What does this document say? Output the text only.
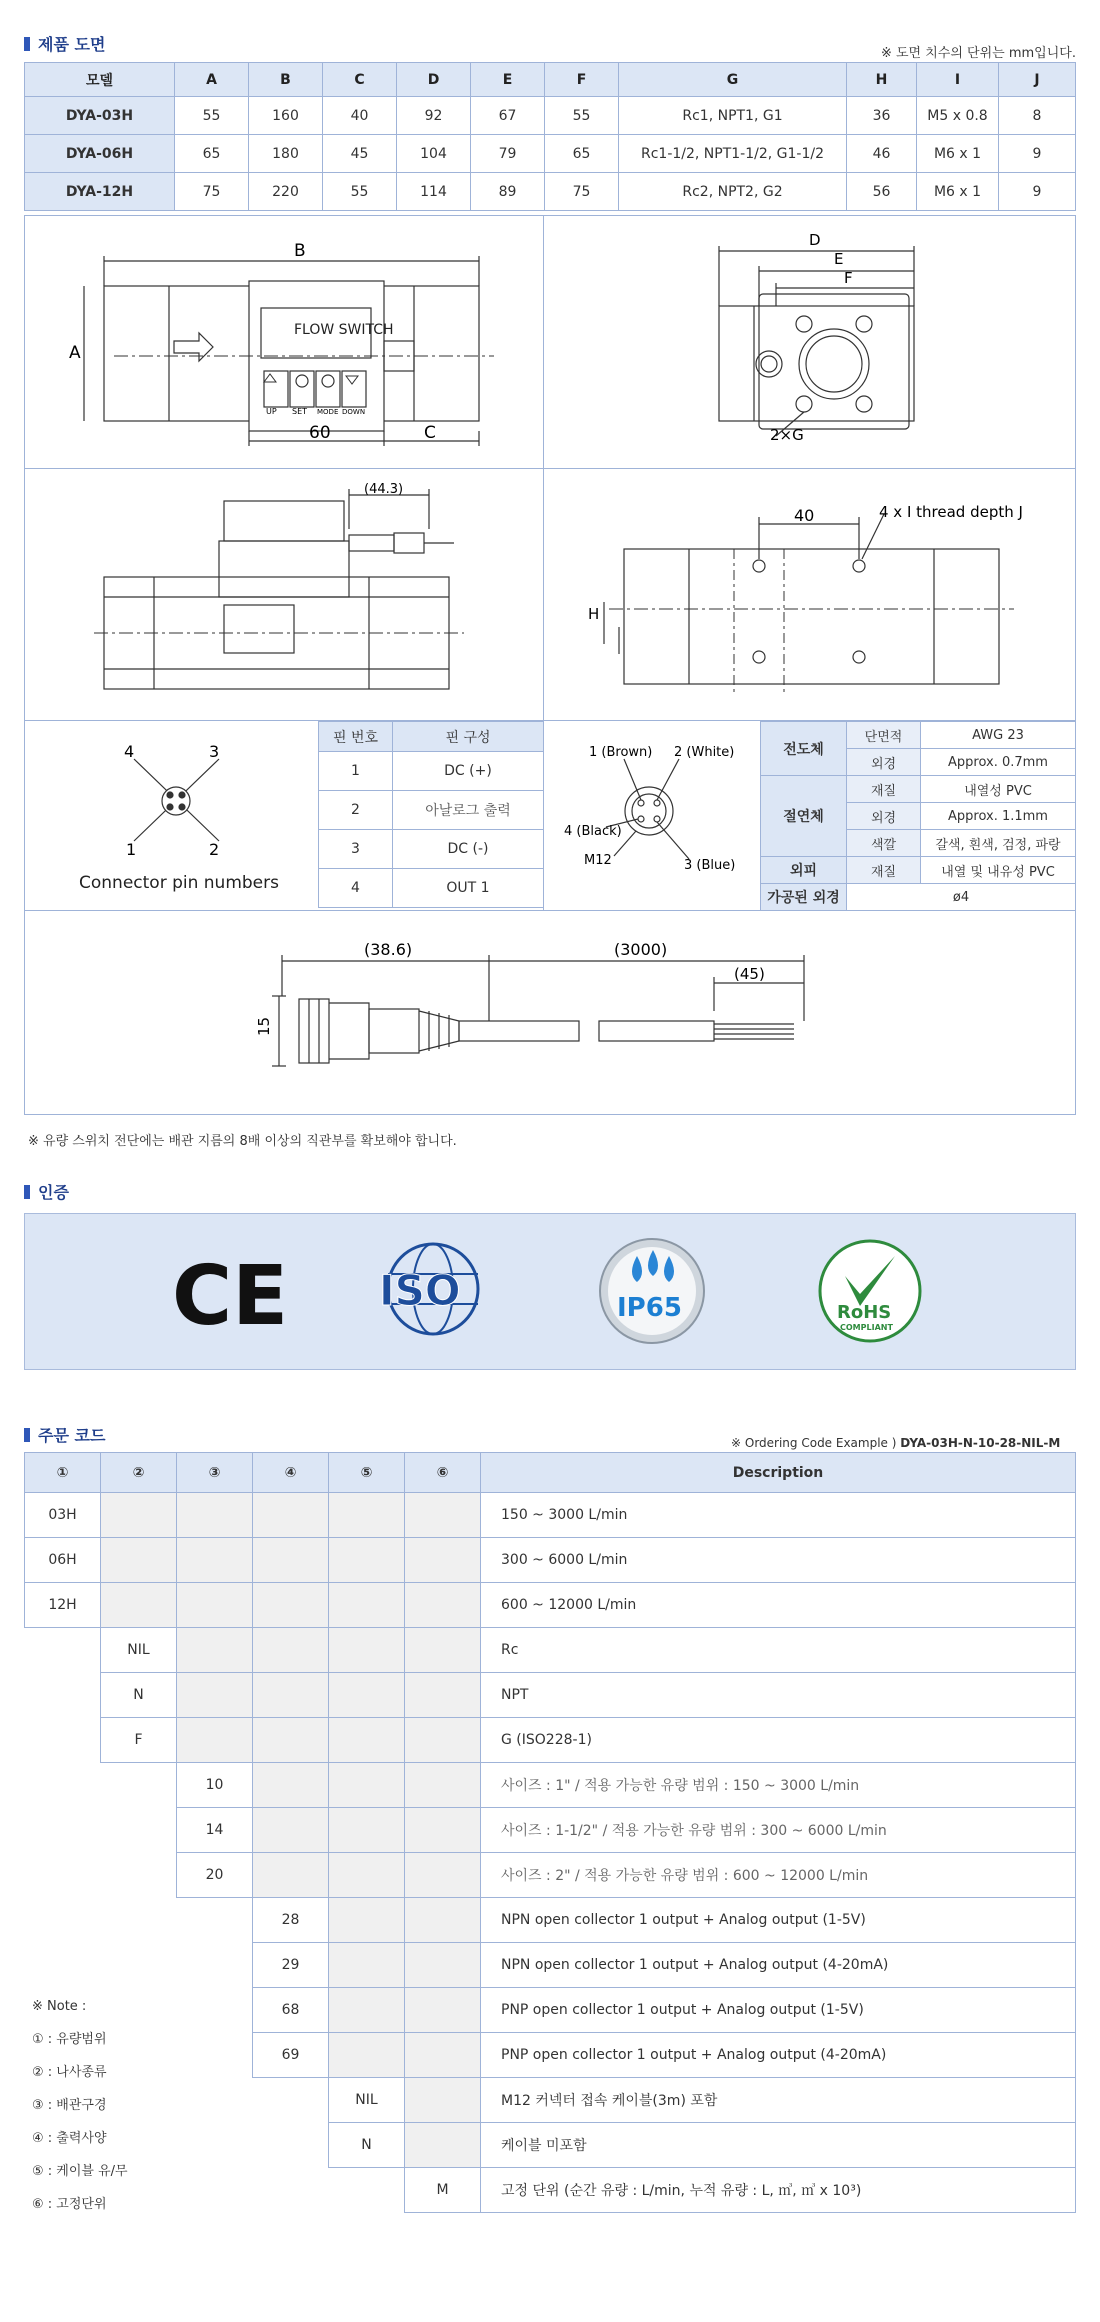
제품 도면	※ 도면 치수의 단위는 mm입니다.
모델	A	B	C	D	E	F	G	H	I	J
DYA-03H	55	160	40	92	67	55	Rc1, NPT1, G1	36	M5 x 0.8	8
DYA-06H	65	180	45	104	79	65	Rc1-1/2, NPT1-1/2, G1-1/2	46	M6 x 1	9
DYA-12H	75	220	55	114	89	75	Rc2, NPT2, G2	56	M6 x 1	9
FLOW SWITCH
UP SET MODE DOWN
B
A
60	C
D
E
F
2×G
(44.3)
40	4 x I thread depth J
H
4	3
1	2
Connector pin numbers
핀 번호	핀 구성
1	DC (+)
2	아날로그 출력
3	DC (-)
4	OUT 1
1 (Brown) 2 (White)
4 (Black)
M12	3 (Blue)
전도체	단면적	AWG 23
	외경	Approx. 0.7mm
절연체	재질	내열성 PVC
	외경	Approx. 1.1mm
	색깔	갈색, 흰색, 검정, 파랑
외피	재질	내열 및 내유성 PVC
가공된 외경	ø4	
(38.6)	(3000)
(45)
15
※ 유량 스위치 전단에는 배관 지름의 8배 이상의 직관부를 확보해야 합니다.
인증
CE ISO	IP65	RoHS
COMPLIANT
주문 코드	※ Ordering Code Example ) DYA-03H-N-10-28-NIL-M
①	②	③	④	⑤	⑥	Description
03H						150 ~ 3000 L/min
06H						300 ~ 6000 L/min
12H						600 ~ 12000 L/min
	NIL					Rc
	N					NPT
	F					G (ISO228-1)
		10				사이즈 : 1" / 적용 가능한 유량 범위 : 150 ~ 3000 L/min
		14				사이즈 : 1-1/2" / 적용 가능한 유량 범위 : 300 ~ 6000 L/min
		20				사이즈 : 2" / 적용 가능한 유량 범위 : 600 ~ 12000 L/min
			28			NPN open collector 1 output + Analog output (1-5V)
			29			NPN open collector 1 output + Analog output (4-20mA)
			68			PNP open collector 1 output + Analog output (1-5V)
			69			PNP open collector 1 output + Analog output (4-20mA)
				NIL		M12 커넥터 접속 케이블(3m) 포함
				N		케이블 미포함
					M	고정 단위 (순간 유량 : L/min, 누적 유량 : L, ㎥, ㎥ x 10³)
※ Note :
① : 유량범위
② : 나사종류
③ : 배관구경
④ : 출력사양
⑤ : 케이블 유/무
⑥ : 고정단위
